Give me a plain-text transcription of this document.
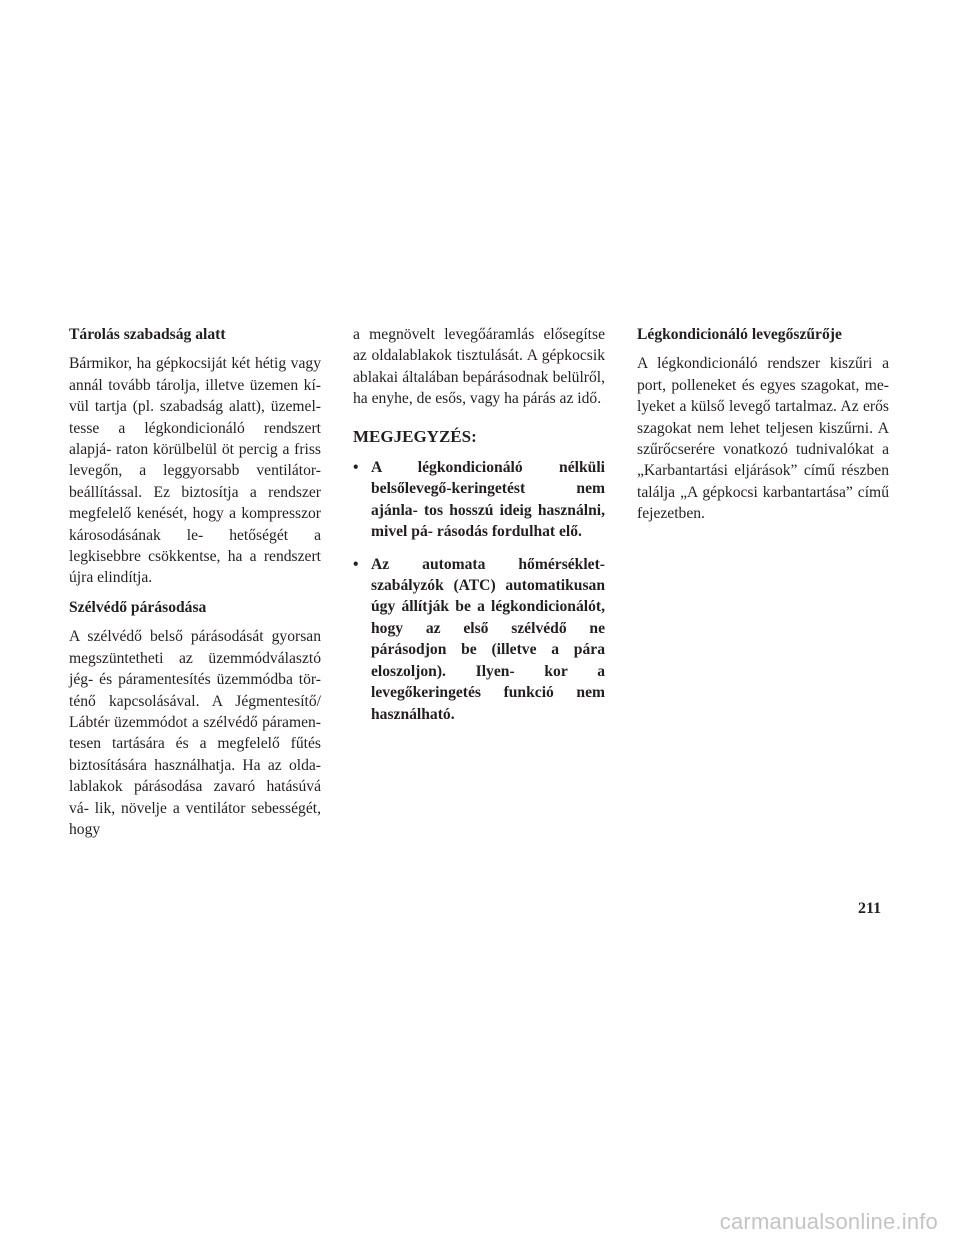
Tárolás szabadság alatt
Bármikor, ha gépkocsiját két hétig vagy annál tovább tárolja, illetve üzemen kí- vül tartja (pl. szabadság alatt), üzemel- tesse a légkondicionáló rendszert alapjá- raton körülbelül öt percig a friss levegőn, a leggyorsabb ventilátor-beállítással. Ez biztosítja a rendszer megfelelő kenését, hogy a kompresszor károsodásának le- hetőségét a legkisebbre csökkentse, ha a rendszert újra elindítja.
Szélvédő párásodása
A szélvédő belső párásodását gyorsan megszüntetheti az üzemmódválasztó jég- és páramentesítés üzemmódba tör- ténő kapcsolásával. A Jégmentesítő/ Lábtér üzemmódot a szélvédő páramen- tesen tartására és a megfelelő fűtés biztosítására használhatja. Ha az olda- lablakok párásodása zavaró hatásúvá vá- lik, növelje a ventilátor sebességét, hogy
a megnövelt levegőáramlás elősegítse az oldalablakok tisztulását. A gépkocsik ablakai általában bepárásodnak belülről, ha enyhe, de esős, vagy ha párás az idő.
MEGJEGYZÉS:
• A légkondicionáló nélküli belsőlevegő-keringetést nem ajánla- tos hosszú ideig használni, mivel pá- rásodás fordulhat elő.
• Az automata hőmérséklet- szabályzók (ATC) automatikusan úgy állítják be a légkondicionálót, hogy az első szélvédő ne párásodjon be (illetve a pára eloszoljon). Ilyen- kor a levegőkeringetés funkció nem használható.
Légkondicionáló levegőszűrője
A légkondicionáló rendszer kiszűri a port, polleneket és egyes szagokat, me- lyeket a külső levegő tartalmaz. Az erős szagokat nem lehet teljesen kiszűrni. A szűrőcserére vonatkozó tudnivalókat a „Karbantartási eljárások” című részben találja „A gépkocsi karbantartása” című fejezetben.
211
carmanualsonline.info
